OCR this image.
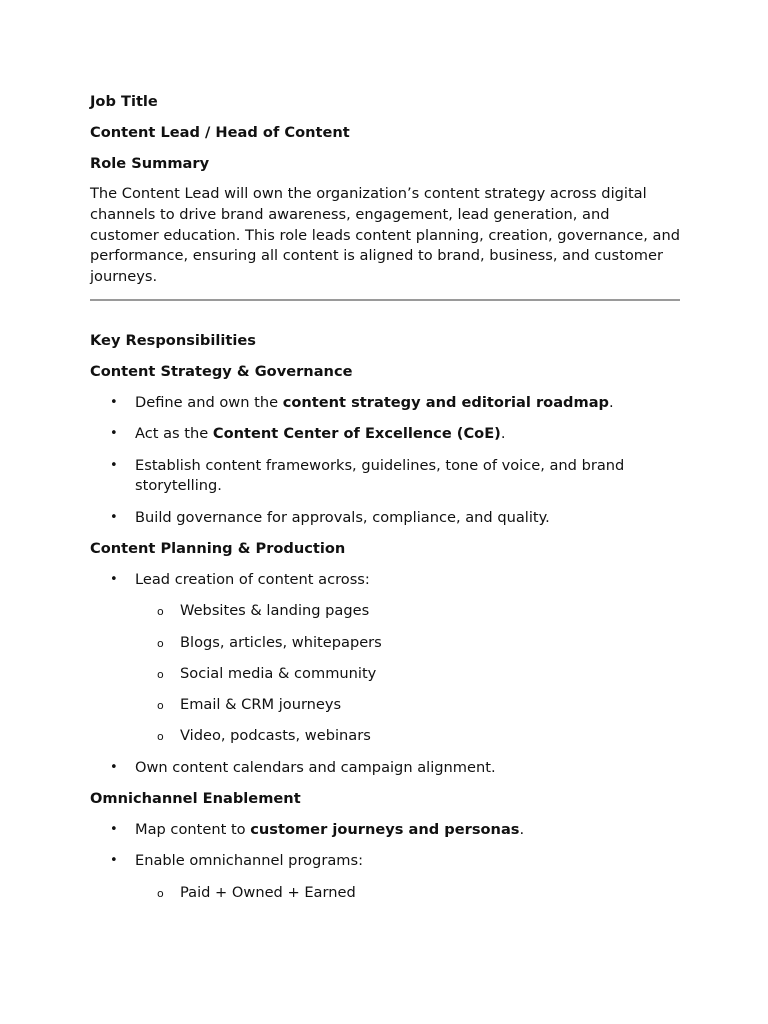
Job Title
Content Lead / Head of Content
Role Summary
The Content Lead will own the organization’s content strategy across digital channels to drive brand awareness, engagement, lead generation, and customer education. This role leads content planning, creation, governance, and performance, ensuring all content is aligned to brand, business, and customer journeys.
Key Responsibilities
Content Strategy & Governance
• Define and own the content strategy and editorial roadmap.
• Act as the Content Center of Excellence (CoE).
• Establish content frameworks, guidelines, tone of voice, and brand storytelling.
• Build governance for approvals, compliance, and quality.
Content Planning & Production
• Lead creation of content across:
o Websites & landing pages
o Blogs, articles, whitepapers
o Social media & community
o Email & CRM journeys
o Video, podcasts, webinars
• Own content calendars and campaign alignment.
Omnichannel Enablement
• Map content to customer journeys and personas.
• Enable omnichannel programs:
o Paid + Owned + Earned
